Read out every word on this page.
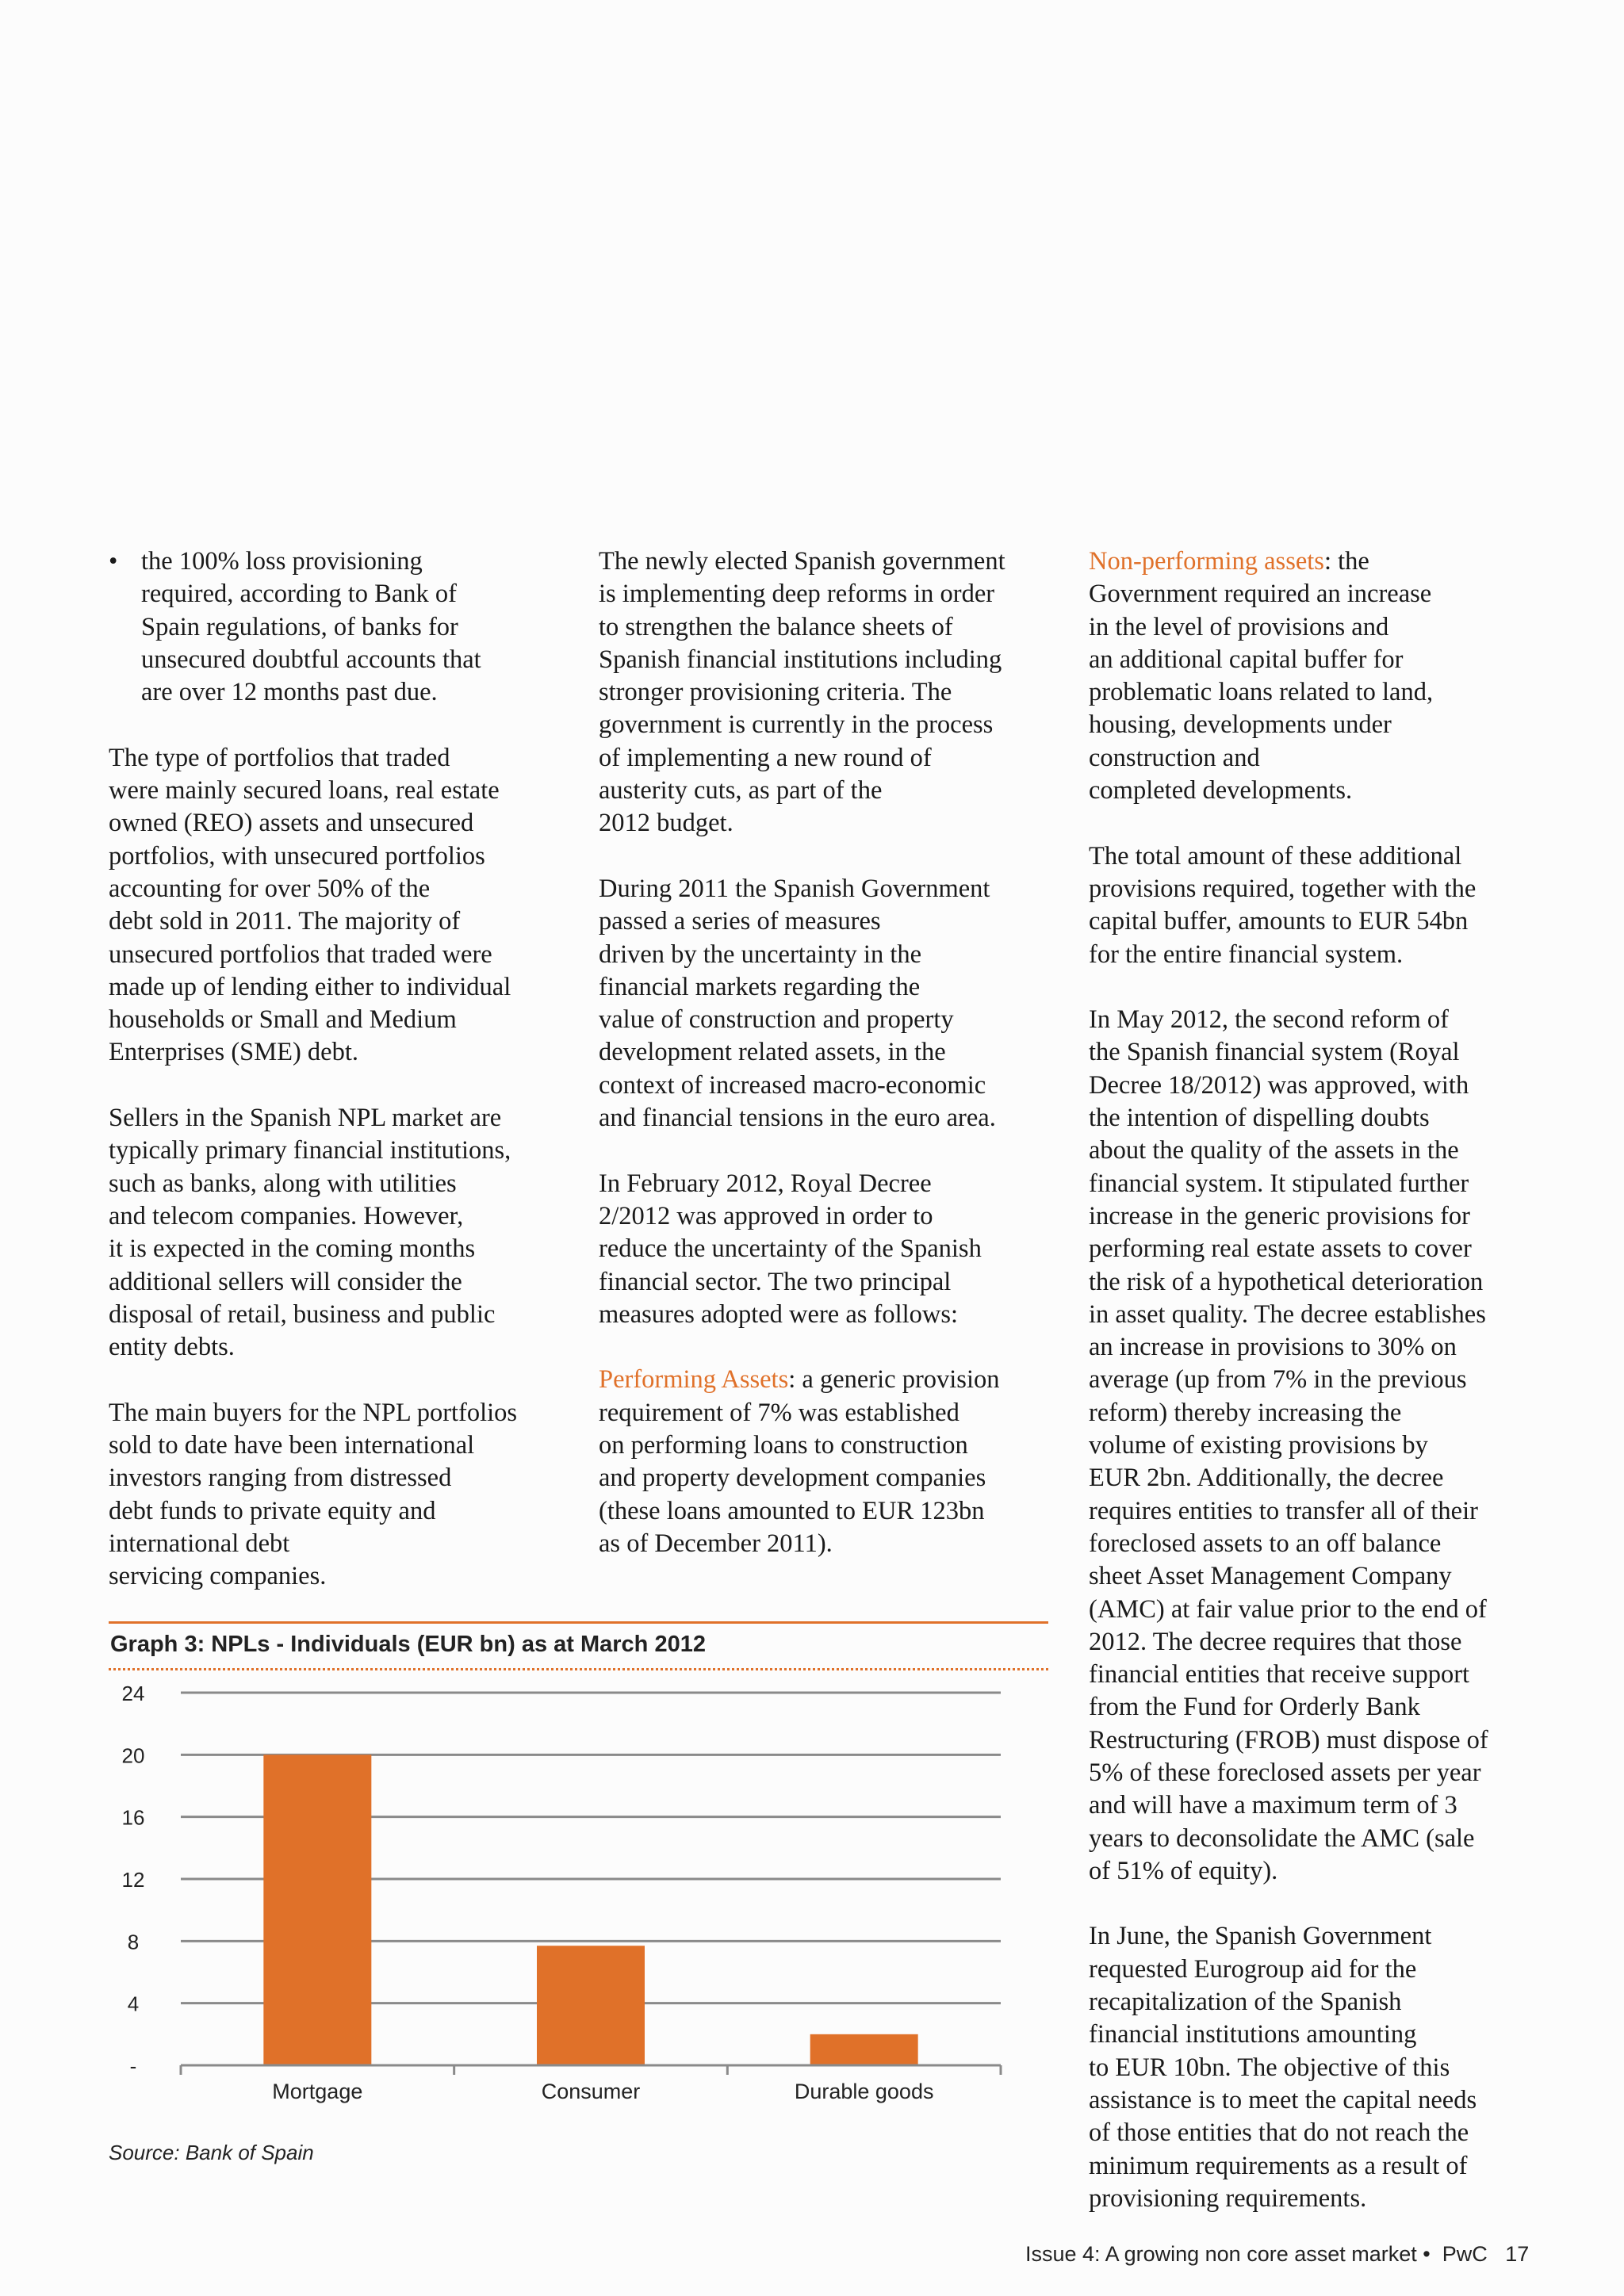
• the 100% loss provisioning
required, according to Bank of
Spain regulations, of banks for
unsecured doubtful accounts that
are over 12 months past due.

The type of portfolios that traded
were mainly secured loans, real estate
owned (REO) assets and unsecured
portfolios, with unsecured portfolios
accounting for over 50% of the
debt sold in 2011. The majority of
unsecured portfolios that traded were
made up of lending either to individual
households or Small and Medium
Enterprises (SME) debt.

Sellers in the Spanish NPL market are
typically primary financial institutions,
such as banks, along with utilities
and telecom companies. However,
it is expected in the coming months
additional sellers will consider the
disposal of retail, business and public
entity debts.

The main buyers for the NPL portfolios
sold to date have been international
investors ranging from distressed
debt funds to private equity and
international debt
servicing companies.

The newly elected Spanish government
is implementing deep reforms in order
to strengthen the balance sheets of
Spanish financial institutions including
stronger provisioning criteria. The
government is currently in the process
of implementing a new round of
austerity cuts, as part of the
2012 budget.

During 2011 the Spanish Government
passed a series of measures
driven by the uncertainty in the
financial markets regarding the
value of construction and property
development related assets, in the
context of increased macro-economic
and financial tensions in the euro area.

In February 2012, Royal Decree
2/2012 was approved in order to
reduce the uncertainty of the Spanish
financial sector. The two principal
measures adopted were as follows:

Performing Assets: a generic provision
requirement of 7% was established
on performing loans to construction
and property development companies
(these loans amounted to EUR 123bn
as of December 2011).

Non-performing assets: the
Government required an increase
in the level of provisions and
an additional capital buffer for
problematic loans related to land,
housing, developments under
construction and
completed developments.

The total amount of these additional
provisions required, together with the
capital buffer, amounts to EUR 54bn
for the entire financial system.

In May 2012, the second reform of
the Spanish financial system (Royal
Decree 18/2012) was approved, with
the intention of dispelling doubts
about the quality of the assets in the
financial system. It stipulated further
increase in the generic provisions for
performing real estate assets to cover
the risk of a hypothetical deterioration
in asset quality. The decree establishes
an increase in provisions to 30% on
average (up from 7% in the previous
reform) thereby increasing the
volume of existing provisions by
EUR 2bn. Additionally, the decree
requires entities to transfer all of their
foreclosed assets to an off balance
sheet Asset Management Company
(AMC) at fair value prior to the end of
2012. The decree requires that those
financial entities that receive support
from the Fund for Orderly Bank
Restructuring (FROB) must dispose of
5% of these foreclosed assets per year
and will have a maximum term of 3
years to deconsolidate the AMC (sale
of 51% of equity).

In June, the Spanish Government
requested Eurogroup aid for the
recapitalization of the Spanish
financial institutions amounting
to EUR 10bn. The objective of this
assistance is to meet the capital needs
of those entities that do not reach the
minimum requirements as a result of
provisioning requirements.

Graph 3: NPLs - Individuals (EUR bn) as at March 2012
-
4
8
12
16
20
24
Mortgage	Consumer	Durable goods
Source: Bank of Spain
Issue 4: A growing non core asset market •  PwC   17
